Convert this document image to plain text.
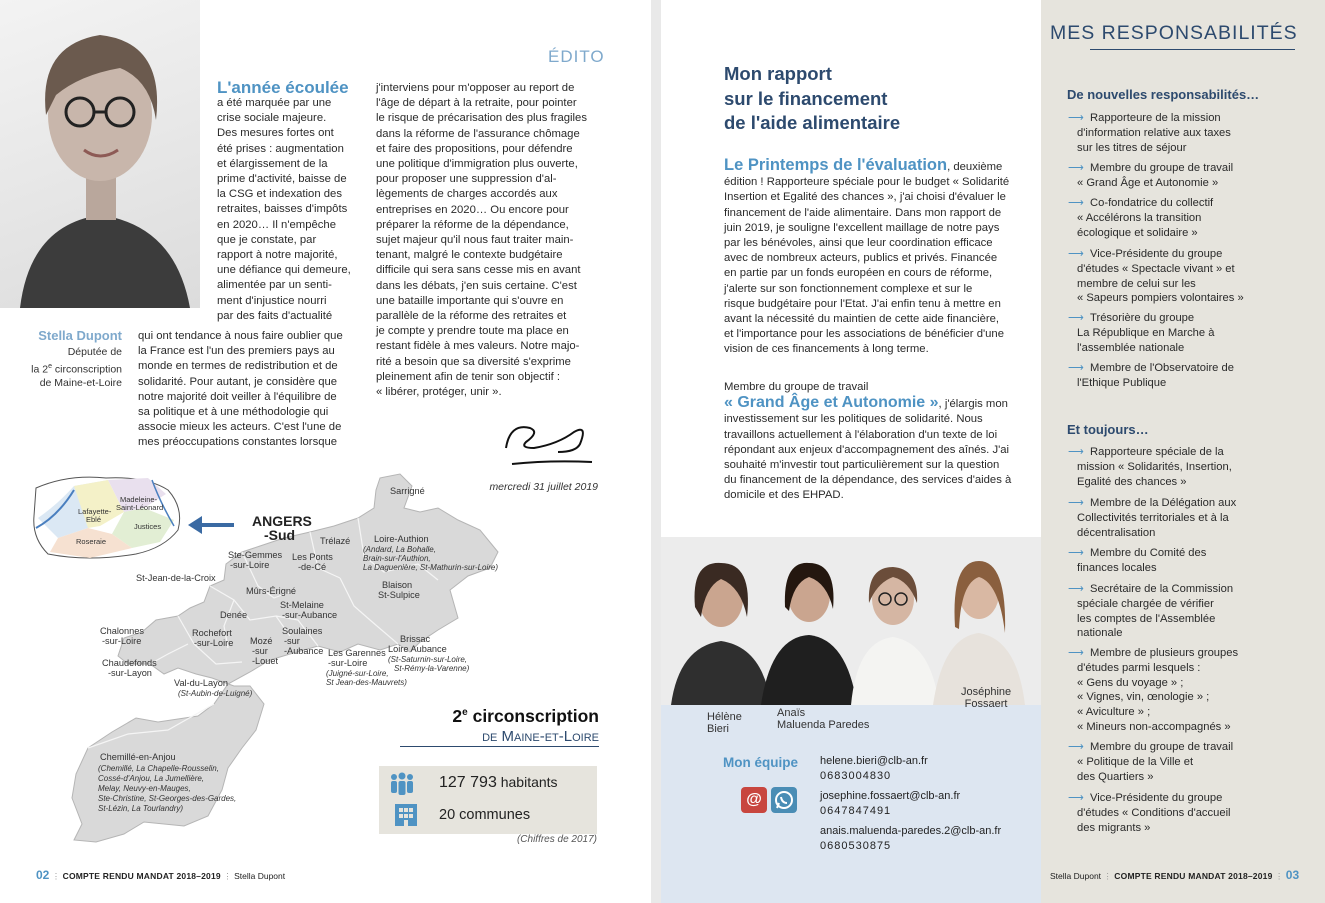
ÉDITO
L'année écoulée
a été marquée par une
crise sociale majeure.
Des mesures fortes ont
été prises : augmentation
et élargissement de la
prime d'activité, baisse de
la CSG et indexation des
retraites, baisses d'impôts
en 2020… Il n'empêche
que je constate, par
rapport à notre majorité,
une défiance qui demeure,
alimentée par un senti-
ment d'injustice nourri
par des faits d'actualité
qui ont tendance à nous faire oublier que
la France est l'un des premiers pays au
monde en termes de redistribution et de
solidarité. Pour autant, je considère que
notre majorité doit veiller à l'équilibre de
sa politique et à une méthodologie qui
associe mieux les acteurs. C'est l'une de
mes préoccupations constantes lorsque
Stella Dupont
Députée de
la 2e circonscription
de Maine-et-Loire
j'interviens pour m'opposer au report de
l'âge de départ à la retraite, pour pointer
le risque de précarisation des plus fragiles
dans la réforme de l'assurance chômage
et faire des propositions, pour défendre
une politique d'immigration plus ouverte,
pour proposer une suppression d'al-
lègements de charges accordés aux
entreprises en 2020… Ou encore pour
préparer la réforme de la dépendance,
sujet majeur qu'il nous faut traiter main-
tenant, malgré le contexte budgétaire
difficile qui sera sans cesse mis en avant
dans les débats, j'en suis certaine. C'est
une bataille importante qui s'ouvre en
parallèle de la réforme des retraites et
je compte y prendre toute ma place en
restant fidèle à mes valeurs. Notre majo-
rité a besoin que sa diversité s'exprime
pleinement afin de tenir son objectif :
« libérer, protéger, unir ».
mercredi 31 juillet 2019
Madeleine-
Saint-Léonard
Lafayette-
Eblé
Justices
Roseraie
ANGERS
-Sud
Sarrigné
Trélazé	Loire-Authion
(Andard, La Bohalle,
Brain-sur-l'Authion,
La Daguenière, St-Mathurin-sur-Loire)
Ste-Gemmes
-sur-Loire
Les Ponts
-de-Cé
St-Jean-de-la-Croix
Mûrs-Érigné
Blaison
St-Sulpice
St-Melaine
-sur-Aubance
Denée
Rochefort
-sur-Loire
Chalonnes
-sur-Loire
Soulaines
-sur
-Aubance
Mozé
-sur
-Louet
Brissac
Loire Aubance
(St-Saturnin-sur-Loire,
St-Rémy-la-Varenne)
Les Garennes
-sur-Loire
(Juigné-sur-Loire,
St Jean-des-Mauvrets)
Chaudefonds
-sur-Layon
Val-du-Layon
(St-Aubin-de-Luigné)
Chemillé-en-Anjou
(Chemillé, La Chapelle-Rousselin,
Cossé-d'Anjou, La Jumellière,
Melay, Neuvy-en-Mauges,
Ste-Christine, St-Georges-des-Gardes,
St-Lézin, La Tourlandry)
2e circonscription
de Maine-et-Loire
127 793 habitants
20 communes
(Chiffres de 2017)
02 ⋮ COMPTE RENDU MANDAT 2018–2019 ⋮ Stella Dupont
Mon rapport
sur le financement
de l'aide alimentaire
Le Printemps de l'évaluation, deuxième
édition ! Rapporteure spéciale pour le budget « Solidarité
Insertion et Egalité des chances », j'ai choisi d'évaluer le
financement de l'aide alimentaire. Dans mon rapport de
juin 2019, je souligne l'excellent maillage de notre pays
par les bénévoles, ainsi que leur coordination efficace
avec de nombreux acteurs, publics et privés. Financée
en partie par un fonds européen en cours de réforme,
j'alerte sur son fonctionnement complexe et sur le
risque budgétaire pour l'Etat. J'ai enfin tenu à mettre en
avant la nécessité du maintien de cette aide financière,
et l'importance pour les associations de bénéficier d'une
vision de ces financements à long terme.
Membre du groupe de travail
« Grand Âge et Autonomie », j'élargis mon
investissement sur les politiques de solidarité. Nous
travaillons actuellement à l'élaboration d'un texte de loi
répondant aux enjeux d'accompagnement des aînés. J'ai
souhaité m'investir tout particulièrement sur la question
du financement de la dépendance, des services d'aides à
domicile et des EHPAD.
Hélène
Bieri
Anaïs
Maluenda Paredes
Joséphine
Fossaert
Mon équipe
@
helene.bieri@clb-an.fr
0683004830
josephine.fossaert@clb-an.fr
0647847491
anais.maluenda-paredes.2@clb-an.fr
0680530875
MES RESPONSABILITÉS
De nouvelles responsabilités…
⟶ Rapporteure de la mission
d'information relative aux taxes
sur les titres de séjour
⟶ Membre du groupe de travail
« Grand Âge et Autonomie »
⟶ Co-fondatrice du collectif
« Accélérons la transition
écologique et solidaire »
⟶ Vice-Présidente du groupe
d'études « Spectacle vivant » et
membre de celui sur les
« Sapeurs pompiers volontaires »
⟶ Trésorière du groupe
La République en Marche à
l'assemblée nationale
⟶ Membre de l'Observatoire de
l'Ethique Publique
Et toujours…
⟶ Rapporteure spéciale de la
mission « Solidarités, Insertion,
Egalité des chances »
⟶ Membre de la Délégation aux
Collectivités territoriales et à la
décentralisation
⟶ Membre du Comité des
finances locales
⟶ Secrétaire de la Commission
spéciale chargée de vérifier
les comptes de l'Assemblée
nationale
⟶ Membre de plusieurs groupes
d'études parmi lesquels :
« Gens du voyage » ;
« Vignes, vin, œnologie » ;
« Aviculture » ;
« Mineurs non-accompagnés »
⟶ Membre du groupe de travail
« Politique de la Ville et
des Quartiers »
⟶ Vice-Présidente du groupe
d'études « Conditions d'accueil
des migrants »
Stella Dupont ⋮ COMPTE RENDU MANDAT 2018–2019 ⋮ 03
